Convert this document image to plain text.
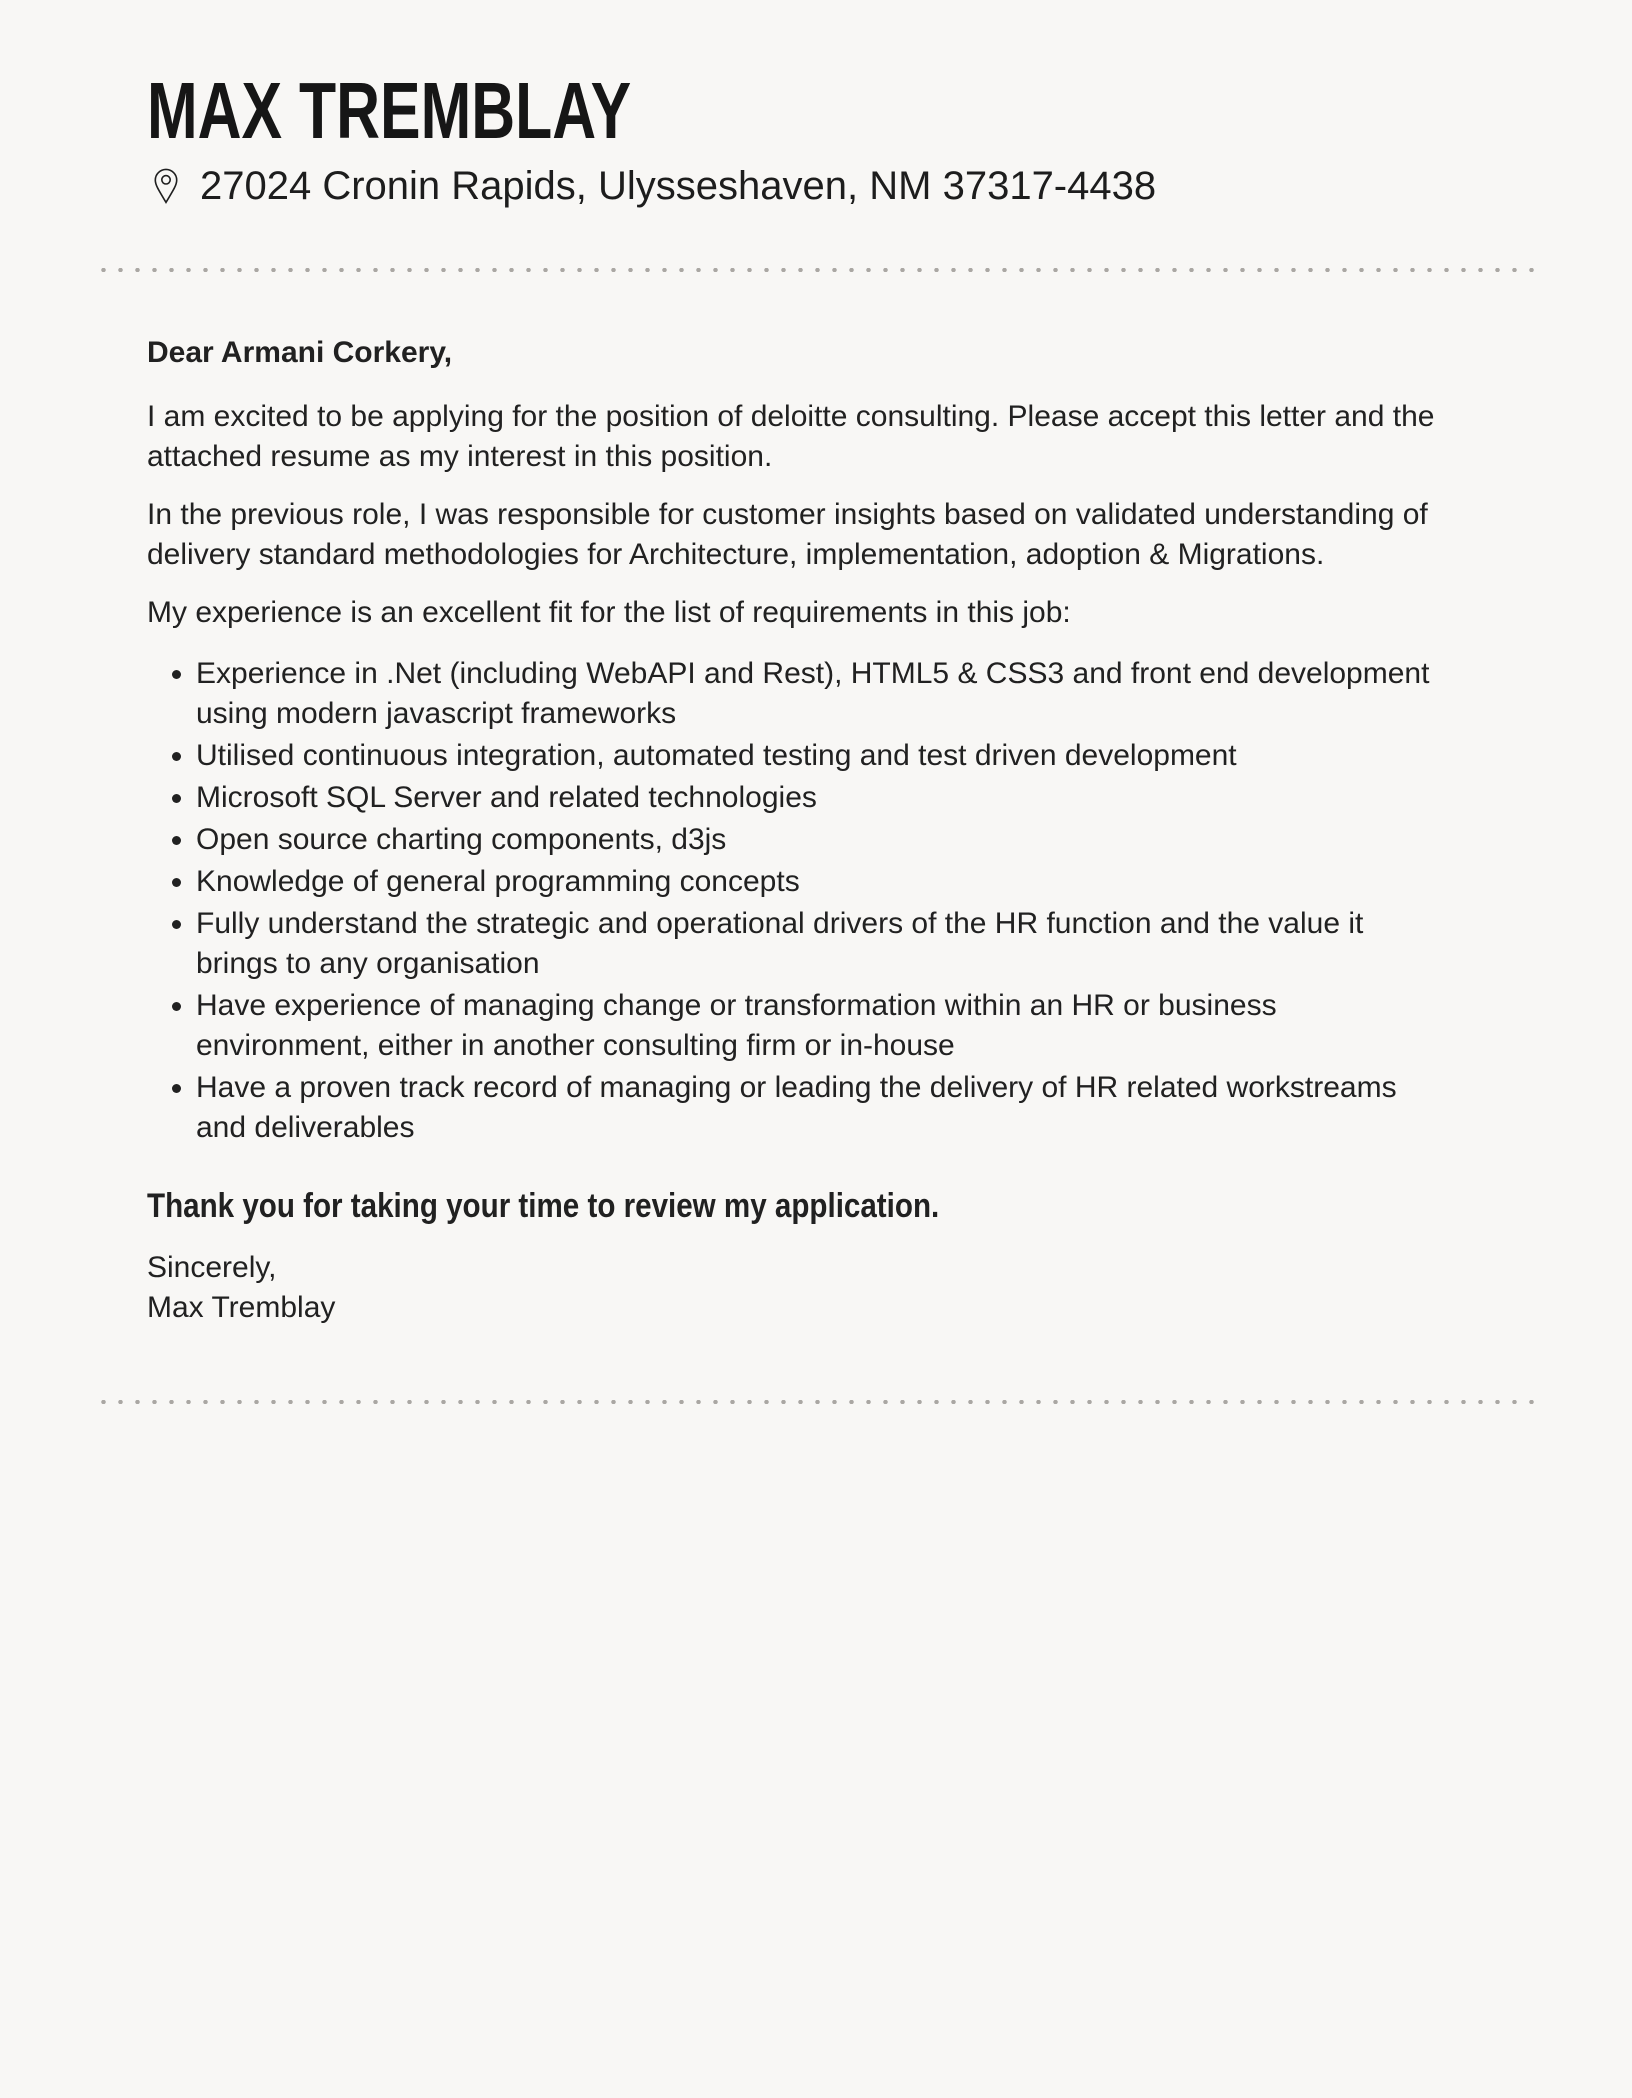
MAX TREMBLAY
27024 Cronin Rapids, Ulysseshaven, NM 37317-4438

Dear Armani Corkery,

I am excited to be applying for the position of deloitte consulting. Please accept this letter and the attached resume as my interest in this position.

In the previous role, I was responsible for customer insights based on validated understanding of delivery standard methodologies for Architecture, implementation, adoption & Migrations.

My experience is an excellent fit for the list of requirements in this job:

• Experience in .Net (including WebAPI and Rest), HTML5 & CSS3 and front end development using modern javascript frameworks
• Utilised continuous integration, automated testing and test driven development
• Microsoft SQL Server and related technologies
• Open source charting components, d3js
• Knowledge of general programming concepts
• Fully understand the strategic and operational drivers of the HR function and the value it brings to any organisation
• Have experience of managing change or transformation within an HR or business environment, either in another consulting firm or in-house
• Have a proven track record of managing or leading the delivery of HR related workstreams and deliverables

Thank you for taking your time to review my application.

Sincerely,
Max Tremblay
